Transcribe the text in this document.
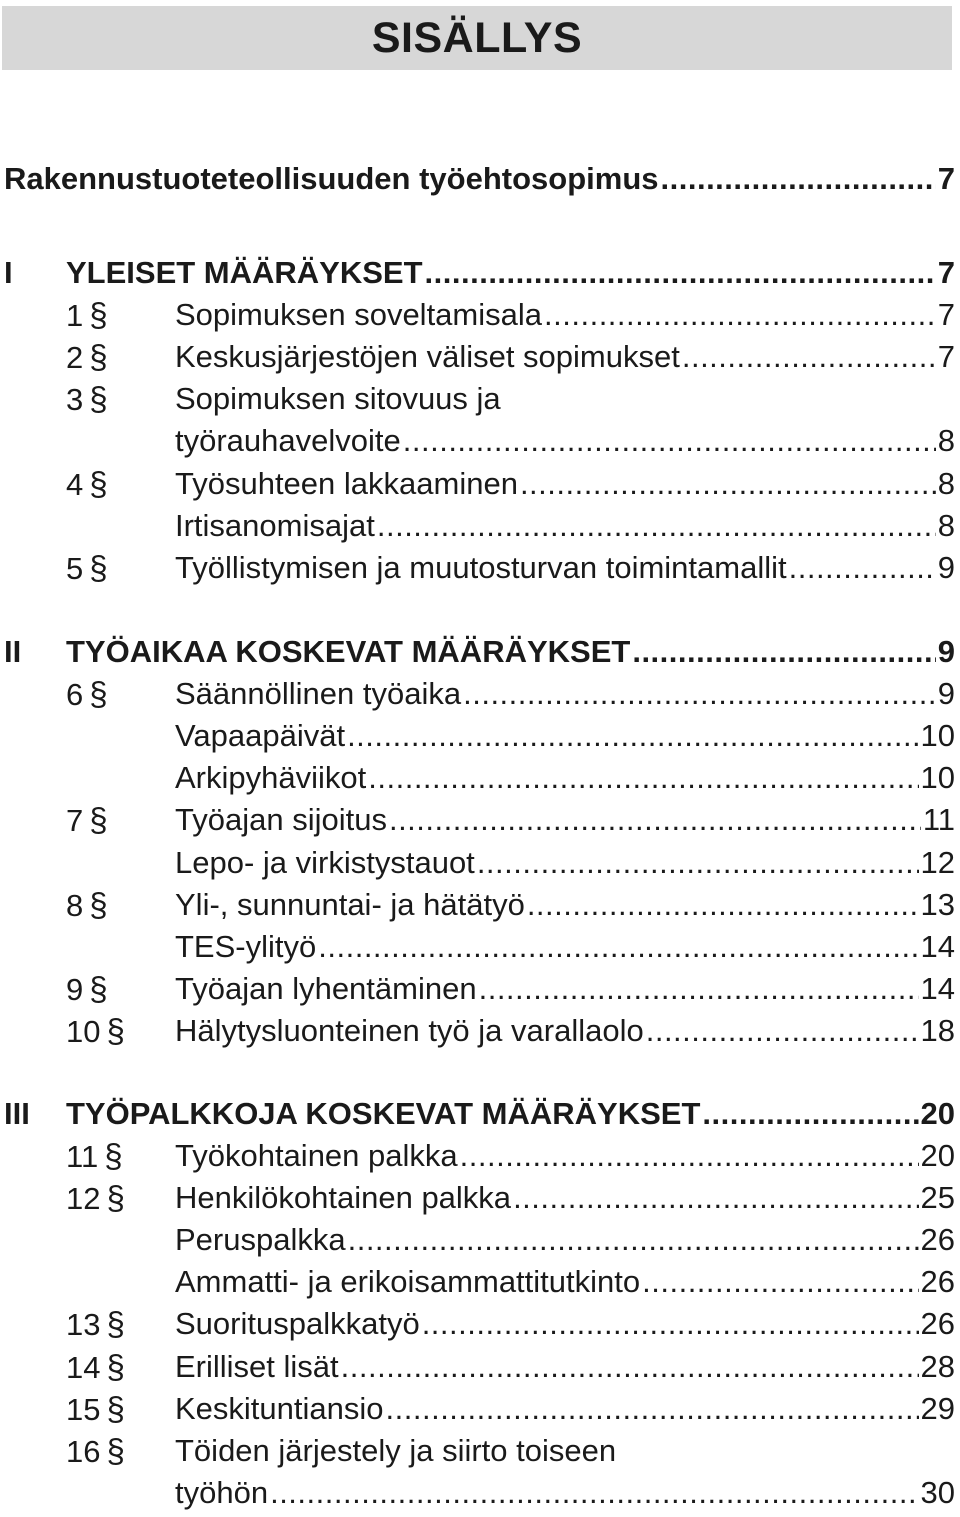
SISÄLLYS
Rakennustuoteteollisuuden työehtosopimus .....	7
I YLEISET MÄÄRÄYKSET .....	7
1 §	Sopimuksen soveltamisala .....	7
2 §	Keskusjärjestöjen väliset sopimukset .....	7
3 §	Sopimuksen sitovuus ja
työrauhavelvoite .....	8
4 §	Työsuhteen lakkaaminen .....	8
Irtisanomisajat .....	8
5 §	Työllistymisen ja muutosturvan toimintamallit .....	9
II TYÖAIKAA KOSKEVAT MÄÄRÄYKSET .....	9
6 §	Säännöllinen työaika .....	9
Vapaapäivät .....	10
Arkipyhäviikot .....	10
7 §	Työajan sijoitus .....	11
Lepo- ja virkistystauot .....	12
8 §	Yli-, sunnuntai- ja hätätyö .....	13
TES-ylityö .....	14
9 §	Työajan lyhentäminen .....	14
10 §	Hälytysluonteinen työ ja varallaolo .....	18
III TYÖPALKKOJA KOSKEVAT MÄÄRÄYKSET .....	20
11 §	Työkohtainen palkka .....	20
12 §	Henkilökohtainen palkka .....	25
Peruspalkka .....	26
Ammatti- ja erikoisammattitutkinto .....	26
13 §	Suorituspalkkatyö .....	26
14 §	Erilliset lisät .....	28
15 §	Keskituntiansio .....	29
16 §	Töiden järjestely ja siirto toiseen
työhön .....	30
